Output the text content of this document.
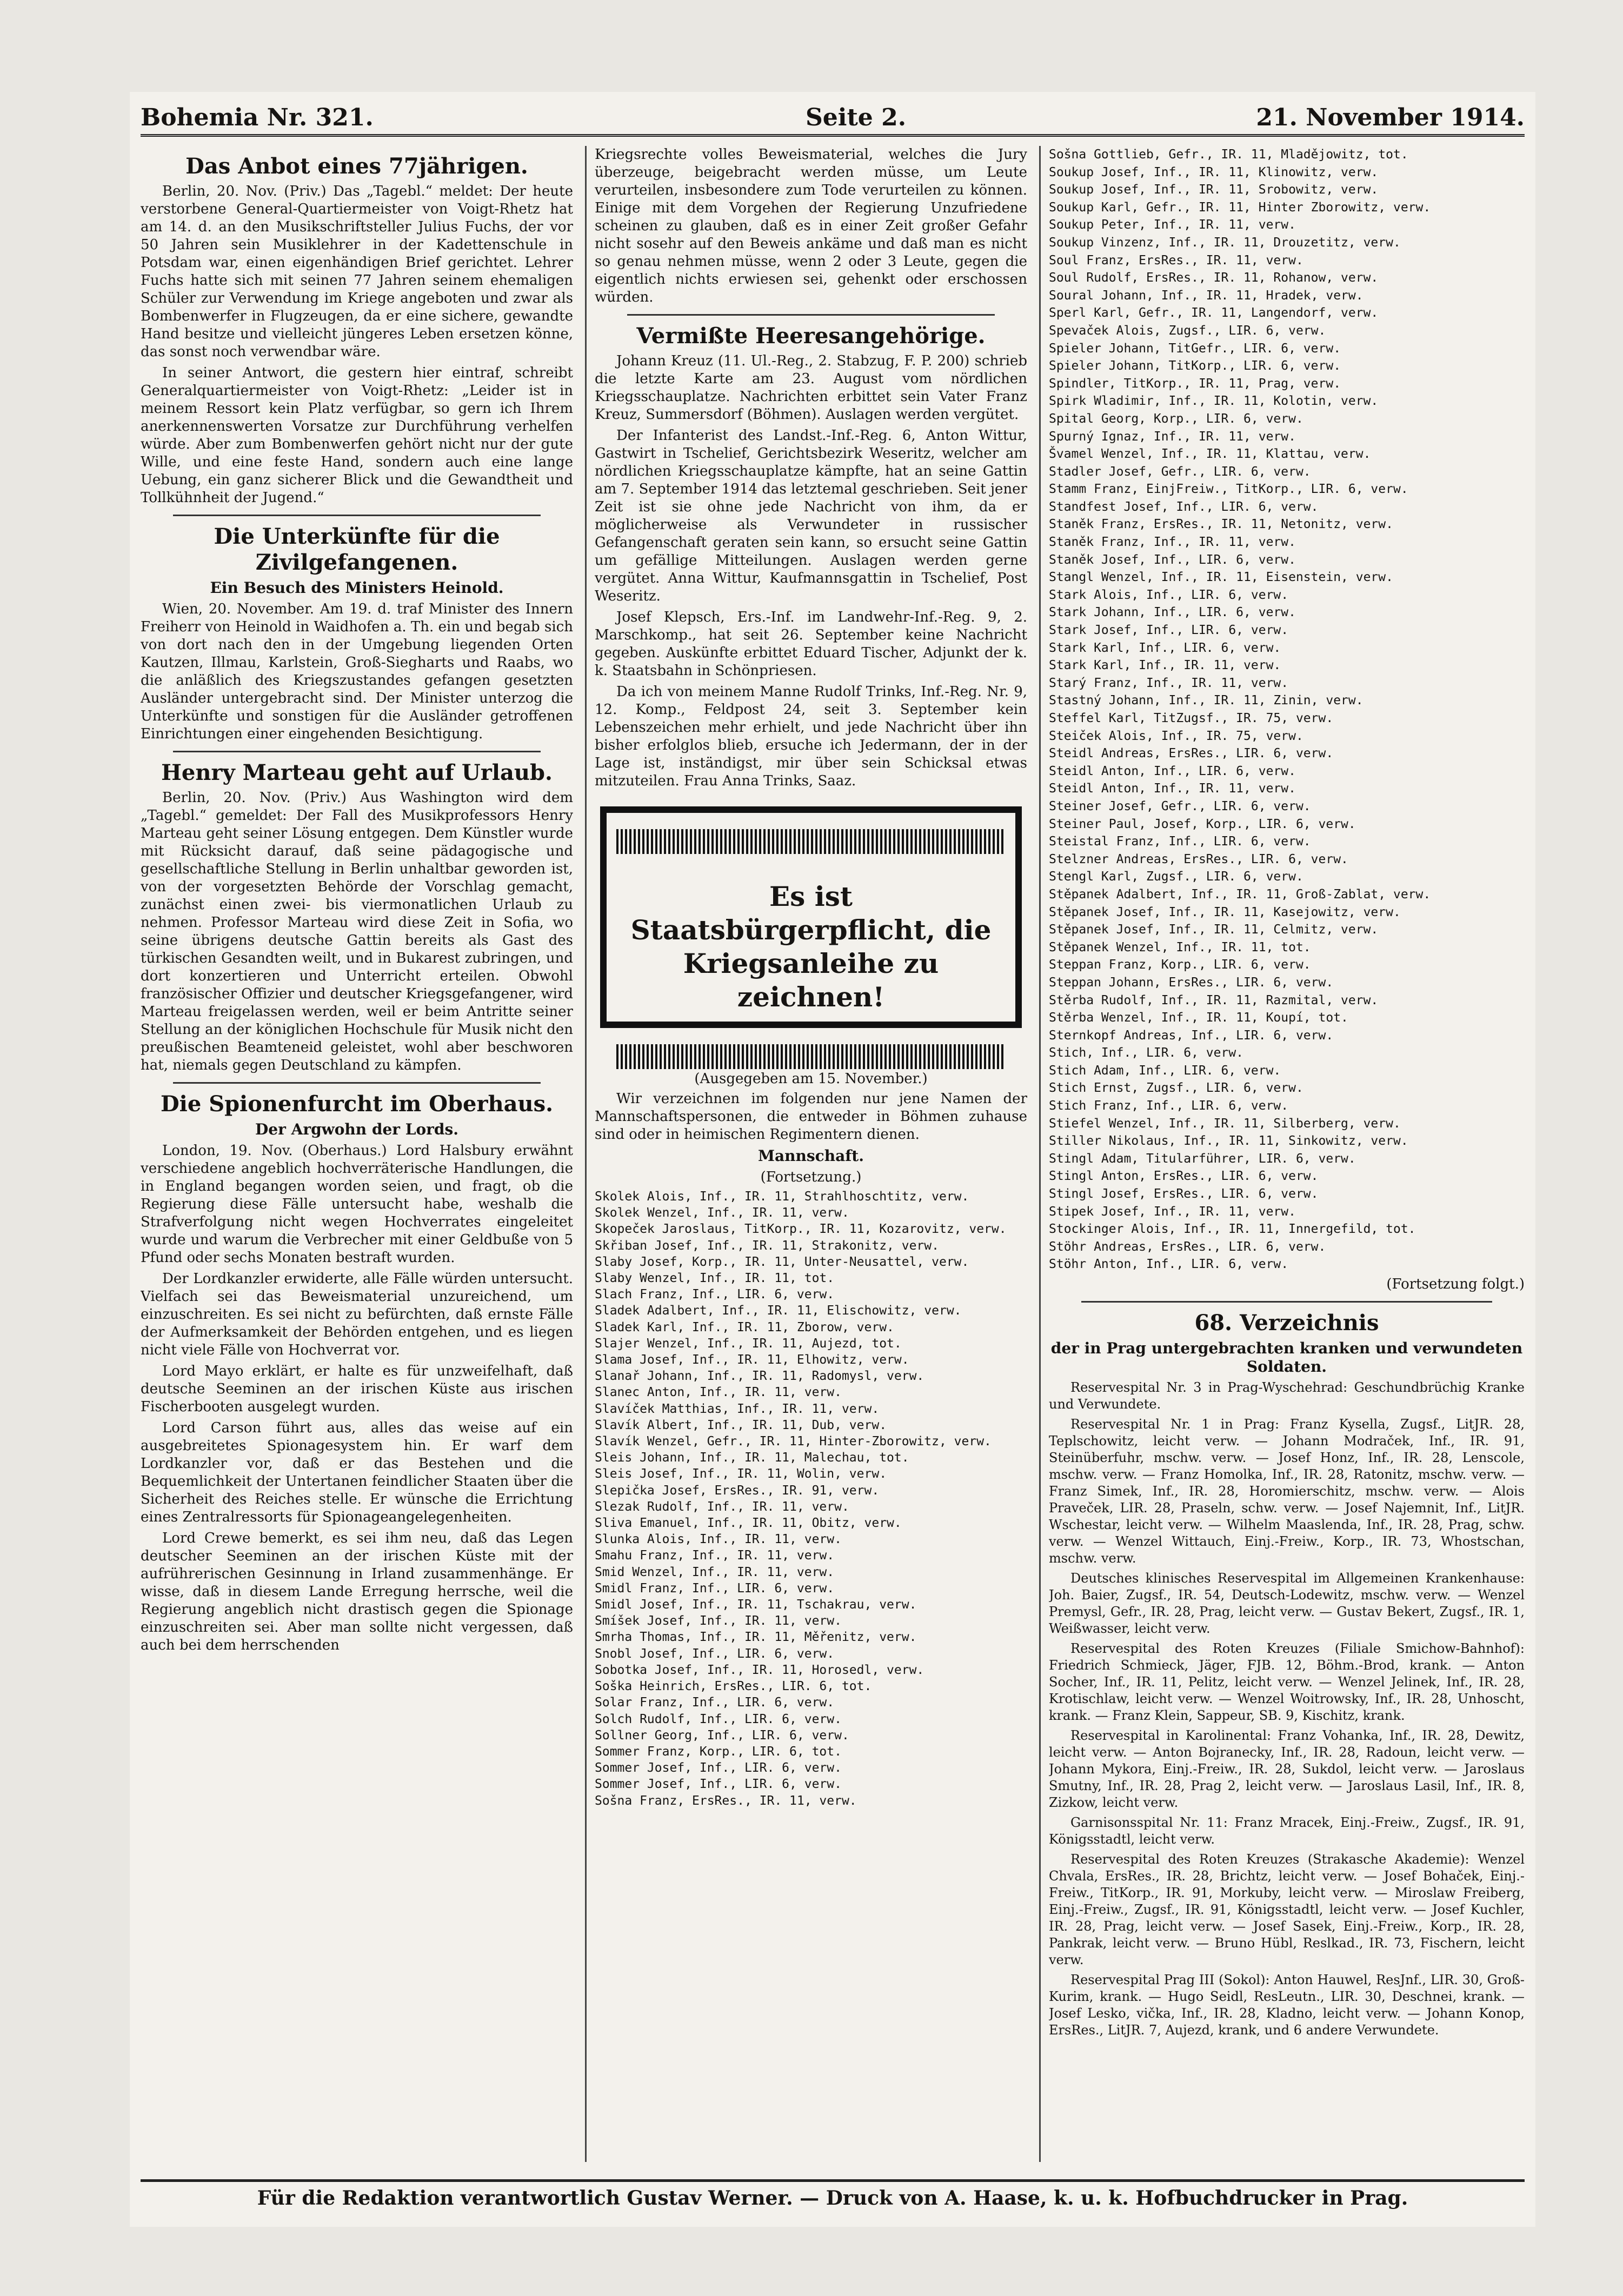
Bohemia Nr. 321.	Seite 2.	21. November 1914.
Das Anbot eines 77jährigen.

Berlin, 20. Nov. (Priv.) Das „Tagebl.“ meldet: Der heute verstorbene General-Quartiermeister von Voigt-Rhetz hat am 14. d. an den Musikschriftsteller Julius Fuchs, der vor 50 Jahren sein Musiklehrer in der Kadettenschule in Potsdam war, einen eigenhändigen Brief gerichtet. Lehrer Fuchs hatte sich mit seinen 77 Jahren seinem ehemaligen Schüler zur Verwendung im Kriege angeboten und zwar als Bombenwerfer in Flugzeugen, da er eine sichere, gewandte Hand besitze und vielleicht jüngeres Leben ersetzen könne, das sonst noch verwendbar wäre.

In seiner Antwort, die gestern hier eintraf, schreibt Generalquartiermeister von Voigt-Rhetz: „Leider ist in meinem Ressort kein Platz verfügbar, so gern ich Ihrem anerkennenswerten Vorsatze zur Durchführung verhelfen würde. Aber zum Bombenwerfen gehört nicht nur der gute Wille, und eine feste Hand, sondern auch eine lange Uebung, ein ganz sicherer Blick und die Gewandtheit und Tollkühnheit der Jugend.“

Die Unterkünfte für die Zivilgefangenen.
Ein Besuch des Ministers Heinold.

Wien, 20. November. Am 19. d. traf Minister des Innern Freiherr von Heinold in Waidhofen a. Th. ein und begab sich von dort nach den in der Umgebung liegenden Orten Kautzen, Illmau, Karlstein, Groß-Siegharts und Raabs, wo die anläßlich des Kriegszustandes gefangen gesetzten Ausländer untergebracht sind. Der Minister unterzog die Unterkünfte und sonstigen für die Ausländer getroffenen Einrichtungen einer eingehenden Besichtigung.

Henry Marteau geht auf Urlaub.

Berlin, 20. Nov. (Priv.) Aus Washington wird dem „Tagebl.“ gemeldet: Der Fall des Musikprofessors Henry Marteau geht seiner Lösung entgegen. Dem Künstler wurde mit Rücksicht darauf, daß seine pädagogische und gesellschaftliche Stellung in Berlin unhaltbar geworden ist, von der vorgesetzten Behörde der Vorschlag gemacht, zunächst einen zwei- bis viermonatlichen Urlaub zu nehmen. Professor Marteau wird diese Zeit in Sofia, wo seine übrigens deutsche Gattin bereits als Gast des türkischen Gesandten weilt, und in Bukarest zubringen, und dort konzertieren und Unterricht erteilen. Obwohl französischer Offizier und deutscher Kriegsgefangener, wird Marteau freigelassen werden, weil er beim Antritte seiner Stellung an der königlichen Hochschule für Musik nicht den preußischen Beamteneid geleistet, wohl aber beschworen hat, niemals gegen Deutschland zu kämpfen.

Die Spionenfurcht im Oberhaus.
Der Argwohn der Lords.

London, 19. Nov. (Oberhaus.) Lord Halsbury erwähnt verschiedene angeblich hochverräterische Handlungen, die in England begangen worden seien, und fragt, ob die Regierung diese Fälle untersucht habe, weshalb die Strafverfolgung nicht wegen Hochverrates eingeleitet wurde und warum die Verbrecher mit einer Geldbuße von 5 Pfund oder sechs Monaten bestraft wurden.

Der Lordkanzler erwiderte, alle Fälle würden untersucht. Vielfach sei das Beweismaterial unzureichend, um einzuschreiten. Es sei nicht zu befürchten, daß ernste Fälle der Aufmerksamkeit der Behörden entgehen, und es liegen nicht viele Fälle von Hochverrat vor.

Lord Mayo erklärt, er halte es für unzweifelhaft, daß deutsche Seeminen an der irischen Küste aus irischen Fischerbooten ausgelegt wurden.

Lord Carson führt aus, alles das weise auf ein ausgebreitetes Spionagesystem hin. Er warf dem Lordkanzler vor, daß er das Bestehen und die Bequemlichkeit der Untertanen feindlicher Staaten über die Sicherheit des Reiches stelle. Er wünsche die Errichtung eines Zentralressorts für Spionageangelegenheiten.

Lord Crewe bemerkt, es sei ihm neu, daß das Legen deutscher Seeminen an der irischen Küste mit der aufrührerischen Gesinnung in Irland zusammenhänge. Er wisse, daß in diesem Lande Erregung herrsche, weil die Regierung angeblich nicht drastisch gegen die Spionage einzuschreiten sei. Aber man sollte nicht vergessen, daß auch bei dem herrschenden

Kriegsrechte volles Beweismaterial, welches die Jury überzeuge, beigebracht werden müsse, um Leute verurteilen, insbesondere zum Tode verurteilen zu können. Einige mit dem Vorgehen der Regierung Unzufriedene scheinen zu glauben, daß es in einer Zeit großer Gefahr nicht sosehr auf den Beweis ankäme und daß man es nicht so genau nehmen müsse, wenn 2 oder 3 Leute, gegen die eigentlich nichts erwiesen sei, gehenkt oder erschossen würden.

Vermißte Heeresangehörige.

Johann Kreuz (11. Ul.-Reg., 2. Stabzug, F. P. 200) schrieb die letzte Karte am 23. August vom nördlichen Kriegsschauplatze. Nachrichten erbittet sein Vater Franz Kreuz, Summersdorf (Böhmen). Auslagen werden vergütet.

Der Infanterist des Landst.-Inf.-Reg. 6, Anton Wittur, Gastwirt in Tschelief, Gerichtsbezirk Weseritz, welcher am nördlichen Kriegsschauplatze kämpfte, hat an seine Gattin am 7. September 1914 das letztemal geschrieben. Seit jener Zeit ist sie ohne jede Nachricht von ihm, da er möglicherweise als Verwundeter in russischer Gefangenschaft geraten sein kann, so ersucht seine Gattin um gefällige Mitteilungen. Auslagen werden gerne vergütet. Anna Wittur, Kaufmannsgattin in Tschelief, Post Weseritz.

Josef Klepsch, Ers.-Inf. im Landwehr-Inf.-Reg. 9, 2. Marschkomp., hat seit 26. September keine Nachricht gegeben. Auskünfte erbittet Eduard Tischer, Adjunkt der k. k. Staatsbahn in Schönpriesen.

Da ich von meinem Manne Rudolf Trinks, Inf.-Reg. Nr. 9, 12. Komp., Feldpost 24, seit 3. September kein Lebenszeichen mehr erhielt, und jede Nachricht über ihn bisher erfolglos blieb, ersuche ich Jedermann, der in der Lage ist, inständigst, mir über sein Schicksal etwas mitzuteilen. Frau Anna Trinks, Saaz.

Es ist Staatsbürgerpflicht, die
Kriegsanleihe zu zeichnen!
(Ausgegeben am 15. November.)

Wir verzeichnen im folgenden nur jene Namen der Mannschaftspersonen, die entweder in Böhmen zuhause sind oder in heimischen Regimentern dienen.

Mannschaft.
(Fortsetzung.)
Skolek Alois, Inf., IR. 11, Strahlhoschtitz, verw.
Skolek Wenzel, Inf., IR. 11, verw.
Skopeček Jaroslaus, TitKorp., IR. 11, Kozarovitz, verw.
Skřiban Josef, Inf., IR. 11, Strakonitz, verw.
Slaby Josef, Korp., IR. 11, Unter-Neusattel, verw.
Slaby Wenzel, Inf., IR. 11, tot.
Slach Franz, Inf., LIR. 6, verw.
Sladek Adalbert, Inf., IR. 11, Elischowitz, verw.
Sladek Karl, Inf., IR. 11, Zborow, verw.
Slajer Wenzel, Inf., IR. 11, Aujezd, tot.
Slama Josef, Inf., IR. 11, Elhowitz, verw.
Slanař Johann, Inf., IR. 11, Radomysl, verw.
Slanec Anton, Inf., IR. 11, verw.
Slavíček Matthias, Inf., IR. 11, verw.
Slavík Albert, Inf., IR. 11, Dub, verw.
Slavík Wenzel, Gefr., IR. 11, Hinter-Zborowitz, verw.
Sleis Johann, Inf., IR. 11, Malechau, tot.
Sleis Josef, Inf., IR. 11, Wolin, verw.
Slepička Josef, ErsRes., IR. 91, verw.
Slezak Rudolf, Inf., IR. 11, verw.
Sliva Emanuel, Inf., IR. 11, Obitz, verw.
Slunka Alois, Inf., IR. 11, verw.
Smahu Franz, Inf., IR. 11, verw.
Smid Wenzel, Inf., IR. 11, verw.
Smidl Franz, Inf., LIR. 6, verw.
Smidl Josef, Inf., IR. 11, Tschakrau, verw.
Smíšek Josef, Inf., IR. 11, verw.
Smrha Thomas, Inf., IR. 11, Měřenitz, verw.
Snobl Josef, Inf., LIR. 6, verw.
Sobotka Josef, Inf., IR. 11, Horosedl, verw.
Soška Heinrich, ErsRes., LIR. 6, tot.
Solar Franz, Inf., LIR. 6, verw.
Solch Rudolf, Inf., LIR. 6, verw.
Sollner Georg, Inf., LIR. 6, verw.
Sommer Franz, Korp., LIR. 6, tot.
Sommer Josef, Inf., LIR. 6, verw.
Sommer Josef, Inf., LIR. 6, verw.
Sošna Franz, ErsRes., IR. 11, verw.
Sošna Gottlieb, Gefr., IR. 11, Mladějowitz, tot.
Soukup Josef, Inf., IR. 11, Klinowitz, verw.
Soukup Josef, Inf., IR. 11, Srobowitz, verw.
Soukup Karl, Gefr., IR. 11, Hinter Zborowitz, verw.
Soukup Peter, Inf., IR. 11, verw.
Soukup Vinzenz, Inf., IR. 11, Drouzetitz, verw.
Soul Franz, ErsRes., IR. 11, verw.
Soul Rudolf, ErsRes., IR. 11, Rohanow, verw.
Soural Johann, Inf., IR. 11, Hradek, verw.
Sperl Karl, Gefr., IR. 11, Langendorf, verw.
Spevaček Alois, Zugsf., LIR. 6, verw.
Spieler Johann, TitGefr., LIR. 6, verw.
Spieler Johann, TitKorp., LIR. 6, verw.
Spindler, TitKorp., IR. 11, Prag, verw.
Spirk Wladimir, Inf., IR. 11, Kolotin, verw.
Spital Georg, Korp., LIR. 6, verw.
Spurný Ignaz, Inf., IR. 11, verw.
Švamel Wenzel, Inf., IR. 11, Klattau, verw.
Stadler Josef, Gefr., LIR. 6, verw.
Stamm Franz, EinjFreiw., TitKorp., LIR. 6, verw.
Standfest Josef, Inf., LIR. 6, verw.
Staněk Franz, ErsRes., IR. 11, Netonitz, verw.
Staněk Franz, Inf., IR. 11, verw.
Staněk Josef, Inf., LIR. 6, verw.
Stangl Wenzel, Inf., IR. 11, Eisenstein, verw.
Stark Alois, Inf., LIR. 6, verw.
Stark Johann, Inf., LIR. 6, verw.
Stark Josef, Inf., LIR. 6, verw.
Stark Karl, Inf., LIR. 6, verw.
Stark Karl, Inf., IR. 11, verw.
Starý Franz, Inf., IR. 11, verw.
Stastný Johann, Inf., IR. 11, Zinin, verw.
Steffel Karl, TitZugsf., IR. 75, verw.
Steiček Alois, Inf., IR. 75, verw.
Steidl Andreas, ErsRes., LIR. 6, verw.
Steidl Anton, Inf., LIR. 6, verw.
Steidl Anton, Inf., IR. 11, verw.
Steiner Josef, Gefr., LIR. 6, verw.
Steiner Paul, Josef, Korp., LIR. 6, verw.
Steistal Franz, Inf., LIR. 6, verw.
Stelzner Andreas, ErsRes., LIR. 6, verw.
Stengl Karl, Zugsf., LIR. 6, verw.
Stěpanek Adalbert, Inf., IR. 11, Groß-Zablat, verw.
Stěpanek Josef, Inf., IR. 11, Kasejowitz, verw.
Stěpanek Josef, Inf., IR. 11, Celmitz, verw.
Stěpanek Wenzel, Inf., IR. 11, tot.
Steppan Franz, Korp., LIR. 6, verw.
Steppan Johann, ErsRes., LIR. 6, verw.
Stěrba Rudolf, Inf., IR. 11, Razmital, verw.
Stěrba Wenzel, Inf., IR. 11, Koupí, tot.
Sternkopf Andreas, Inf., LIR. 6, verw.
Stich, Inf., LIR. 6, verw.
Stich Adam, Inf., LIR. 6, verw.
Stich Ernst, Zugsf., LIR. 6, verw.
Stich Franz, Inf., LIR. 6, verw.
Stiefel Wenzel, Inf., IR. 11, Silberberg, verw.
Stiller Nikolaus, Inf., IR. 11, Sinkowitz, verw.
Stingl Adam, Titularführer, LIR. 6, verw.
Stingl Anton, ErsRes., LIR. 6, verw.
Stingl Josef, ErsRes., LIR. 6, verw.
Stipek Josef, Inf., IR. 11, verw.
Stockinger Alois, Inf., IR. 11, Innergefild, tot.
Stöhr Andreas, ErsRes., LIR. 6, verw.
Stöhr Anton, Inf., LIR. 6, verw.
(Fortsetzung folgt.)
68. Verzeichnis
der in Prag untergebrachten kranken und verwundeten Soldaten.

Reservespital Nr. 3 in Prag-Wyschehrad: Geschundbrüchig Kranke und Verwundete.

Reservespital Nr. 1 in Prag: Franz Kysella, Zugsf., LitJR. 28, Teplschowitz, leicht verw. — Johann Modraček, Inf., IR. 91, Steinüberfuhr, mschw. verw. — Josef Honz, Inf., IR. 28, Lenscole, mschw. verw. — Franz Homolka, Inf., IR. 28, Ratonitz, mschw. verw. — Franz Simek, Inf., IR. 28, Horomierschitz, mschw. verw. — Alois Praveček, LIR. 28, Praseln, schw. verw. — Josef Najemnit, Inf., LitJR. Wschestar, leicht verw. — Wilhelm Maaslenda, Inf., IR. 28, Prag, schw. verw. — Wenzel Wittauch, Einj.-Freiw., Korp., IR. 73, Whostschan, mschw. verw.

Deutsches klinisches Reservespital im Allgemeinen Krankenhause: Joh. Baier, Zugsf., IR. 54, Deutsch-Lodewitz, mschw. verw. — Wenzel Premysl, Gefr., IR. 28, Prag, leicht verw. — Gustav Bekert, Zugsf., IR. 1, Weißwasser, leicht verw.

Reservespital des Roten Kreuzes (Filiale Smichow-Bahnhof): Friedrich Schmieck, Jäger, FJB. 12, Böhm.-Brod, krank. — Anton Socher, Inf., IR. 11, Pelitz, leicht verw. — Wenzel Jelinek, Inf., IR. 28, Krotischlaw, leicht verw. — Wenzel Woitrowsky, Inf., IR. 28, Unhoscht, krank. — Franz Klein, Sappeur, SB. 9, Kischitz, krank.

Reservespital in Karolinental: Franz Vohanka, Inf., IR. 28, Dewitz, leicht verw. — Anton Bojranecky, Inf., IR. 28, Radoun, leicht verw. — Johann Mykora, Einj.-Freiw., IR. 28, Sukdol, leicht verw. — Jaroslaus Smutny, Inf., IR. 28, Prag 2, leicht verw. — Jaroslaus Lasil, Inf., IR. 8, Zizkow, leicht verw.

Garnisonsspital Nr. 11: Franz Mracek, Einj.-Freiw., Zugsf., IR. 91, Königsstadtl, leicht verw.

Reservespital des Roten Kreuzes (Strakasche Akademie): Wenzel Chvala, ErsRes., IR. 28, Brichtz, leicht verw. — Josef Bohaček, Einj.-Freiw., TitKorp., IR. 91, Morkuby, leicht verw. — Miroslaw Freiberg, Einj.-Freiw., Zugsf., IR. 91, Königsstadtl, leicht verw. — Josef Kuchler, IR. 28, Prag, leicht verw. — Josef Sasek, Einj.-Freiw., Korp., IR. 28, Pankrak, leicht verw. — Bruno Hübl, Reslkad., IR. 73, Fischern, leicht verw.

Reservespital Prag III (Sokol): Anton Hauwel, ResJnf., LIR. 30, Groß-Kurim, krank. — Hugo Seidl, ResLeutn., LIR. 30, Deschnei, krank. — Josef Lesko, vička, Inf., IR. 28, Kladno, leicht verw. — Johann Konop, ErsRes., LitJR. 7, Aujezd, krank, und 6 andere Verwundete.

Für die Redaktion verantwortlich Gustav Werner. — Druck von A. Haase, k. u. k. Hofbuchdrucker in Prag.
